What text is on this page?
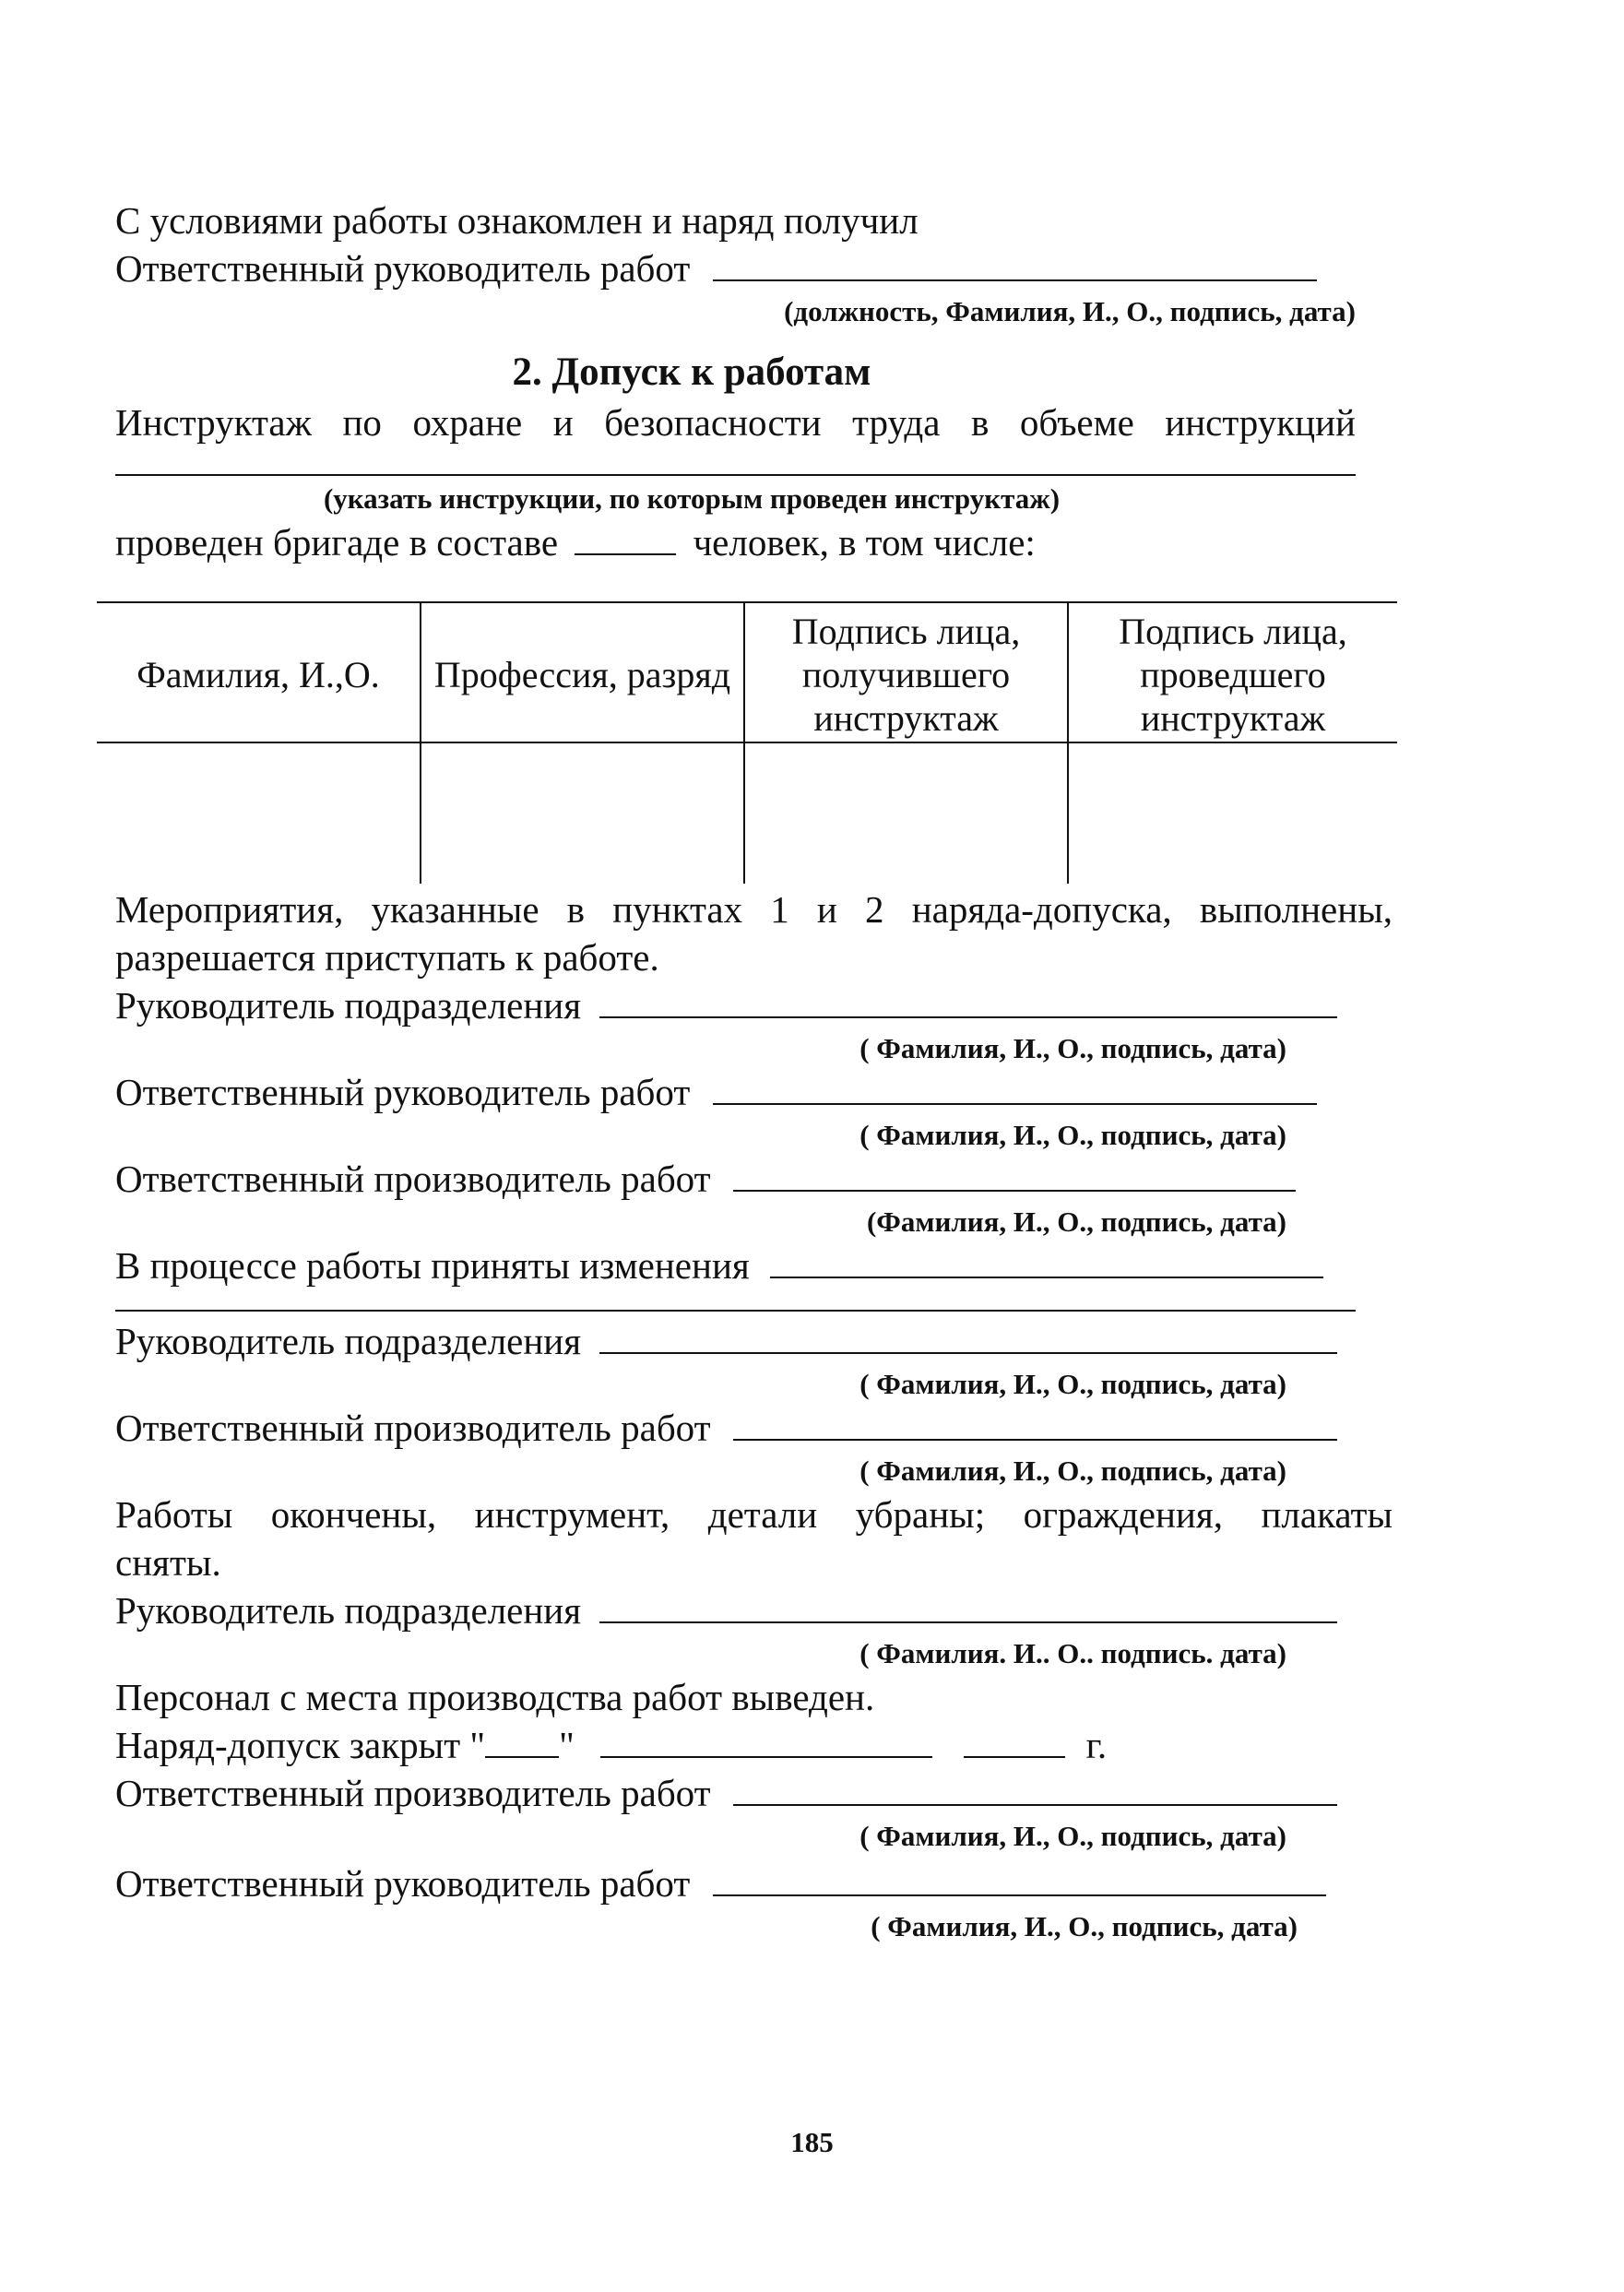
С условиями работы ознакомлен и наряд получил
Ответственный руководитель работ
(должность, Фамилия, И., О., подпись, дата)
2. Допуск к работам
Инструктаж по охране и безопасности труда в объеме инструкций
(указать инструкции, по которым проведен инструктаж)
проведен бригаде в составе	человек, в том числе:
Фамилия, И.,О.	Профессия, разряд	Подпись лица, получившего инструктаж	Подпись лица, проведшего инструктаж

Мероприятия, указанные в пунктах 1 и 2 наряда-допуска, выполнены,
разрешается приступать к работе.
Руководитель подразделения
( Фамилия, И., О., подпись, дата)
Ответственный руководитель работ
( Фамилия, И., О., подпись, дата)
Ответственный производитель работ
(Фамилия, И., О., подпись, дата)
В процессе работы приняты изменения
Руководитель подразделения
( Фамилия, И., О., подпись, дата)
Ответственный производитель работ
( Фамилия, И., О., подпись, дата)
Работы окончены, инструмент, детали убраны; ограждения, плакаты
сняты.
Руководитель подразделения
( Фамилия. И.. О.. подпись. дата)
Персонал с места производства работ выведен.
Наряд-допуск закрыт " "	г.
Ответственный производитель работ
( Фамилия, И., О., подпись, дата)
Ответственный руководитель работ
( Фамилия, И., О., подпись, дата)
185
